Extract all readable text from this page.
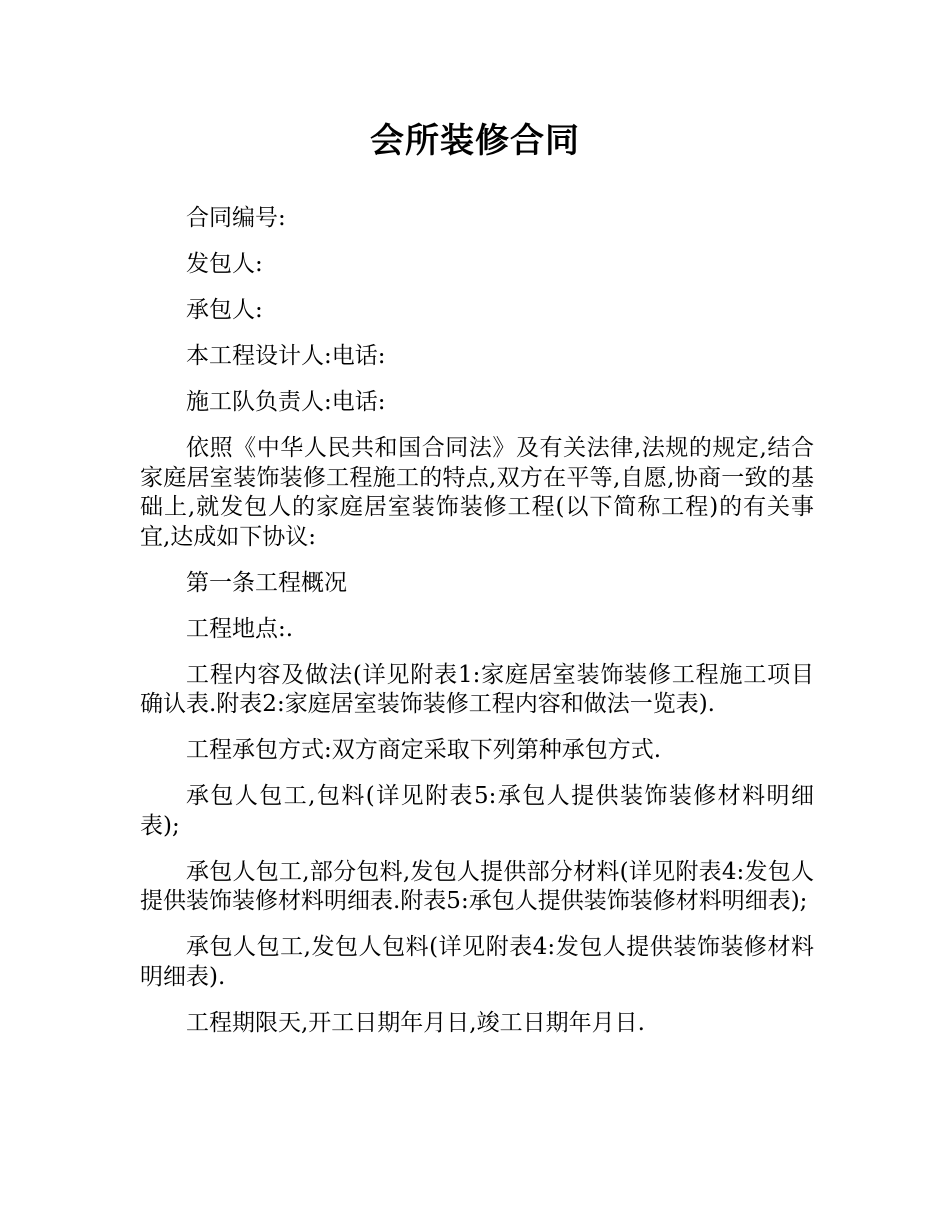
会所装修合同

合同编号:

发包人:

承包人:

本工程设计人:电话:

施工队负责人:电话:

依照《中华人民共和国合同法》及有关法律,法规的规定,结合家庭居室装饰装修工程施工的特点,双方在平等,自愿,协商一致的基础上,就发包人的家庭居室装饰装修工程(以下简称工程)的有关事宜,达成如下协议:

第一条工程概况

工程地点:.

工程内容及做法(详见附表1:家庭居室装饰装修工程施工项目确认表.附表2:家庭居室装饰装修工程内容和做法一览表).

工程承包方式:双方商定采取下列第种承包方式.

承包人包工,包料(详见附表5:承包人提供装饰装修材料明细表);

承包人包工,部分包料,发包人提供部分材料(详见附表4:发包人提供装饰装修材料明细表.附表5:承包人提供装饰装修材料明细表);

承包人包工,发包人包料(详见附表4:发包人提供装饰装修材料明细表).

工程期限天,开工日期年月日,竣工日期年月日.
